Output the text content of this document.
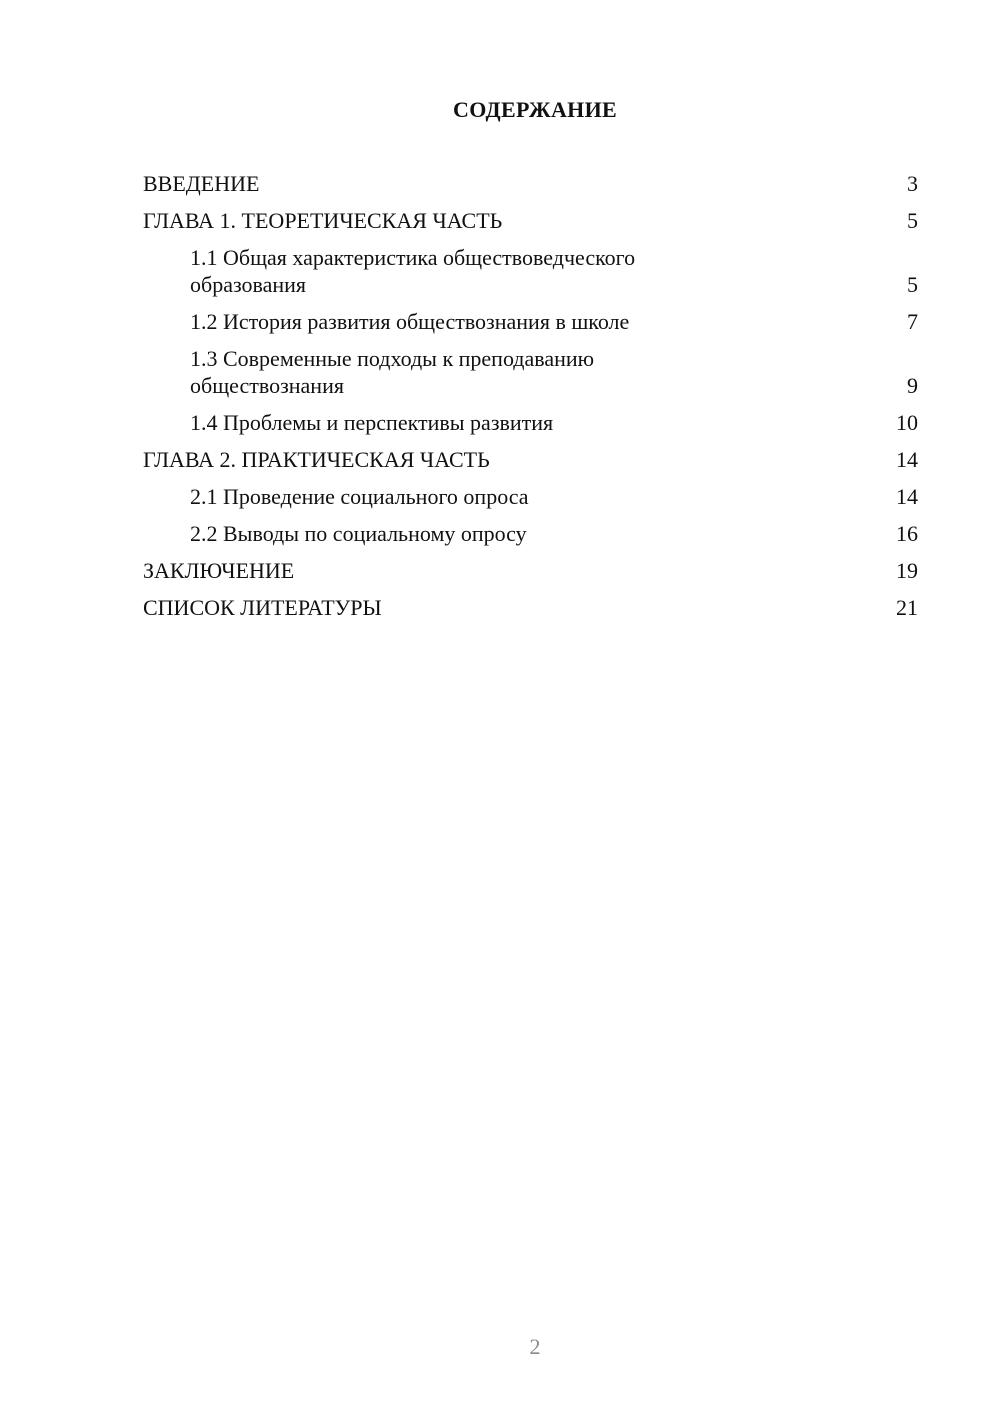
СОДЕРЖАНИЕ
ВВЕДЕНИЕ	3
ГЛАВА 1. ТЕОРЕТИЧЕСКАЯ ЧАСТЬ	5
1.1 Общая характеристика обществоведческого образования	5
1.2 История развития обществознания в школе	7
1.3 Современные подходы к преподаванию обществознания	9
1.4 Проблемы и перспективы развития	10
ГЛАВА 2. ПРАКТИЧЕСКАЯ ЧАСТЬ	14
2.1 Проведение социального опроса	14
2.2 Выводы по социальному опросу	16
ЗАКЛЮЧЕНИЕ	19
СПИСОК ЛИТЕРАТУРЫ	21
2
